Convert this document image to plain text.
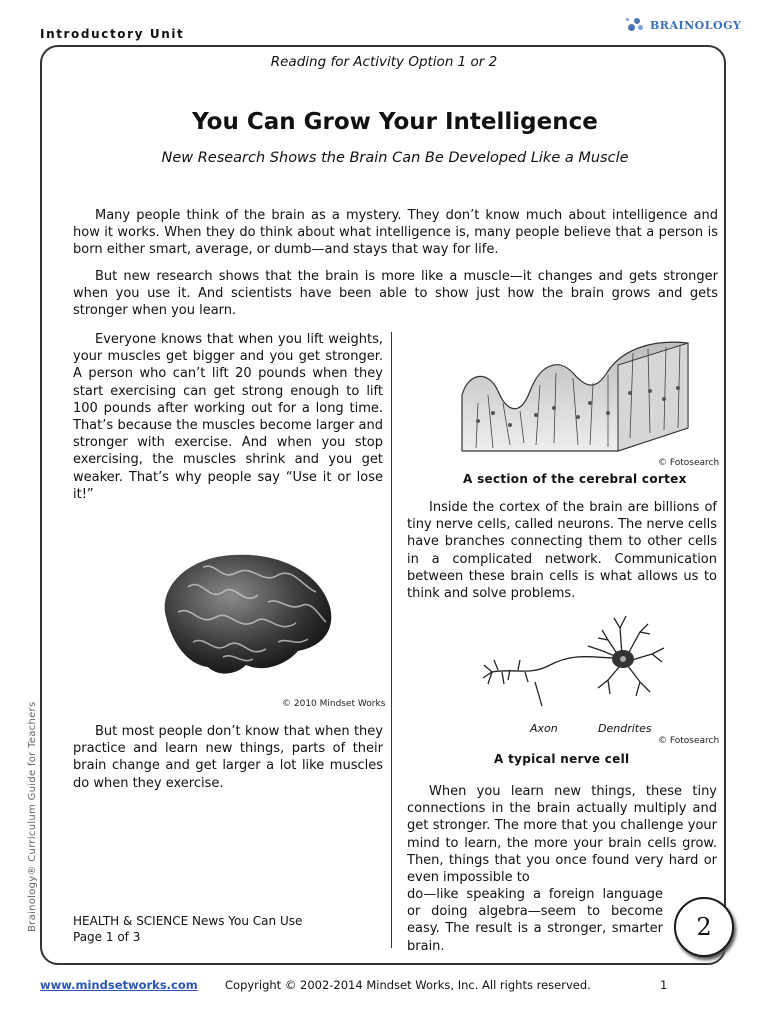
Introductory Unit
BRAINOLOGY
Brainology® Curriculum Guide for Teachers
Reading for Activity Option 1 or 2
You Can Grow Your Intelligence
New Research Shows the Brain Can Be Developed Like a Muscle

Many people think of the brain as a mystery. They don’t know much about intelligence and how it works. When they do think about what intelligence is, many people believe that a person is born either smart, average, or dumb—and stays that way for life.

But new research shows that the brain is more like a muscle—it changes and gets stronger when you use it. And scientists have been able to show just how the brain grows and gets stronger when you learn.

Everyone knows that when you lift weights, your muscles get bigger and you get stronger. A person who can’t lift 20 pounds when they start exercising can get strong enough to lift 100 pounds after working out for a long time. That’s because the muscles become larger and stronger with exercise. And when you stop exercising, the muscles shrink and you get weaker. That’s why people say “Use it or lose it!”

© 2010 Mindset Works

But most people don’t know that when they practice and learn new things, parts of their brain change and get larger a lot like muscles do when they exercise.

HEALTH & SCIENCE News You Can Use
Page 1 of 3
© Fotosearch
A section of the cerebral cortex

Inside the cortex of the brain are billions of tiny nerve cells, called neurons. The nerve cells have branches connecting them to other cells in a complicated network. Communication between these brain cells is what allows us to think and solve problems.

Axon	Dendrites
© Fotosearch
A typical nerve cell

When you learn new things, these tiny connections in the brain actually multiply and get stronger. The more that you challenge your mind to learn, the more your brain cells grow. Then, things that you once found very hard or even impossible to

do—like speaking a foreign language or doing algebra—seem to become easy. The result is a stronger, smarter brain.

2
www.mindsetworks.com Copyright © 2002-2014 Mindset Works, Inc. All rights reserved.	1
